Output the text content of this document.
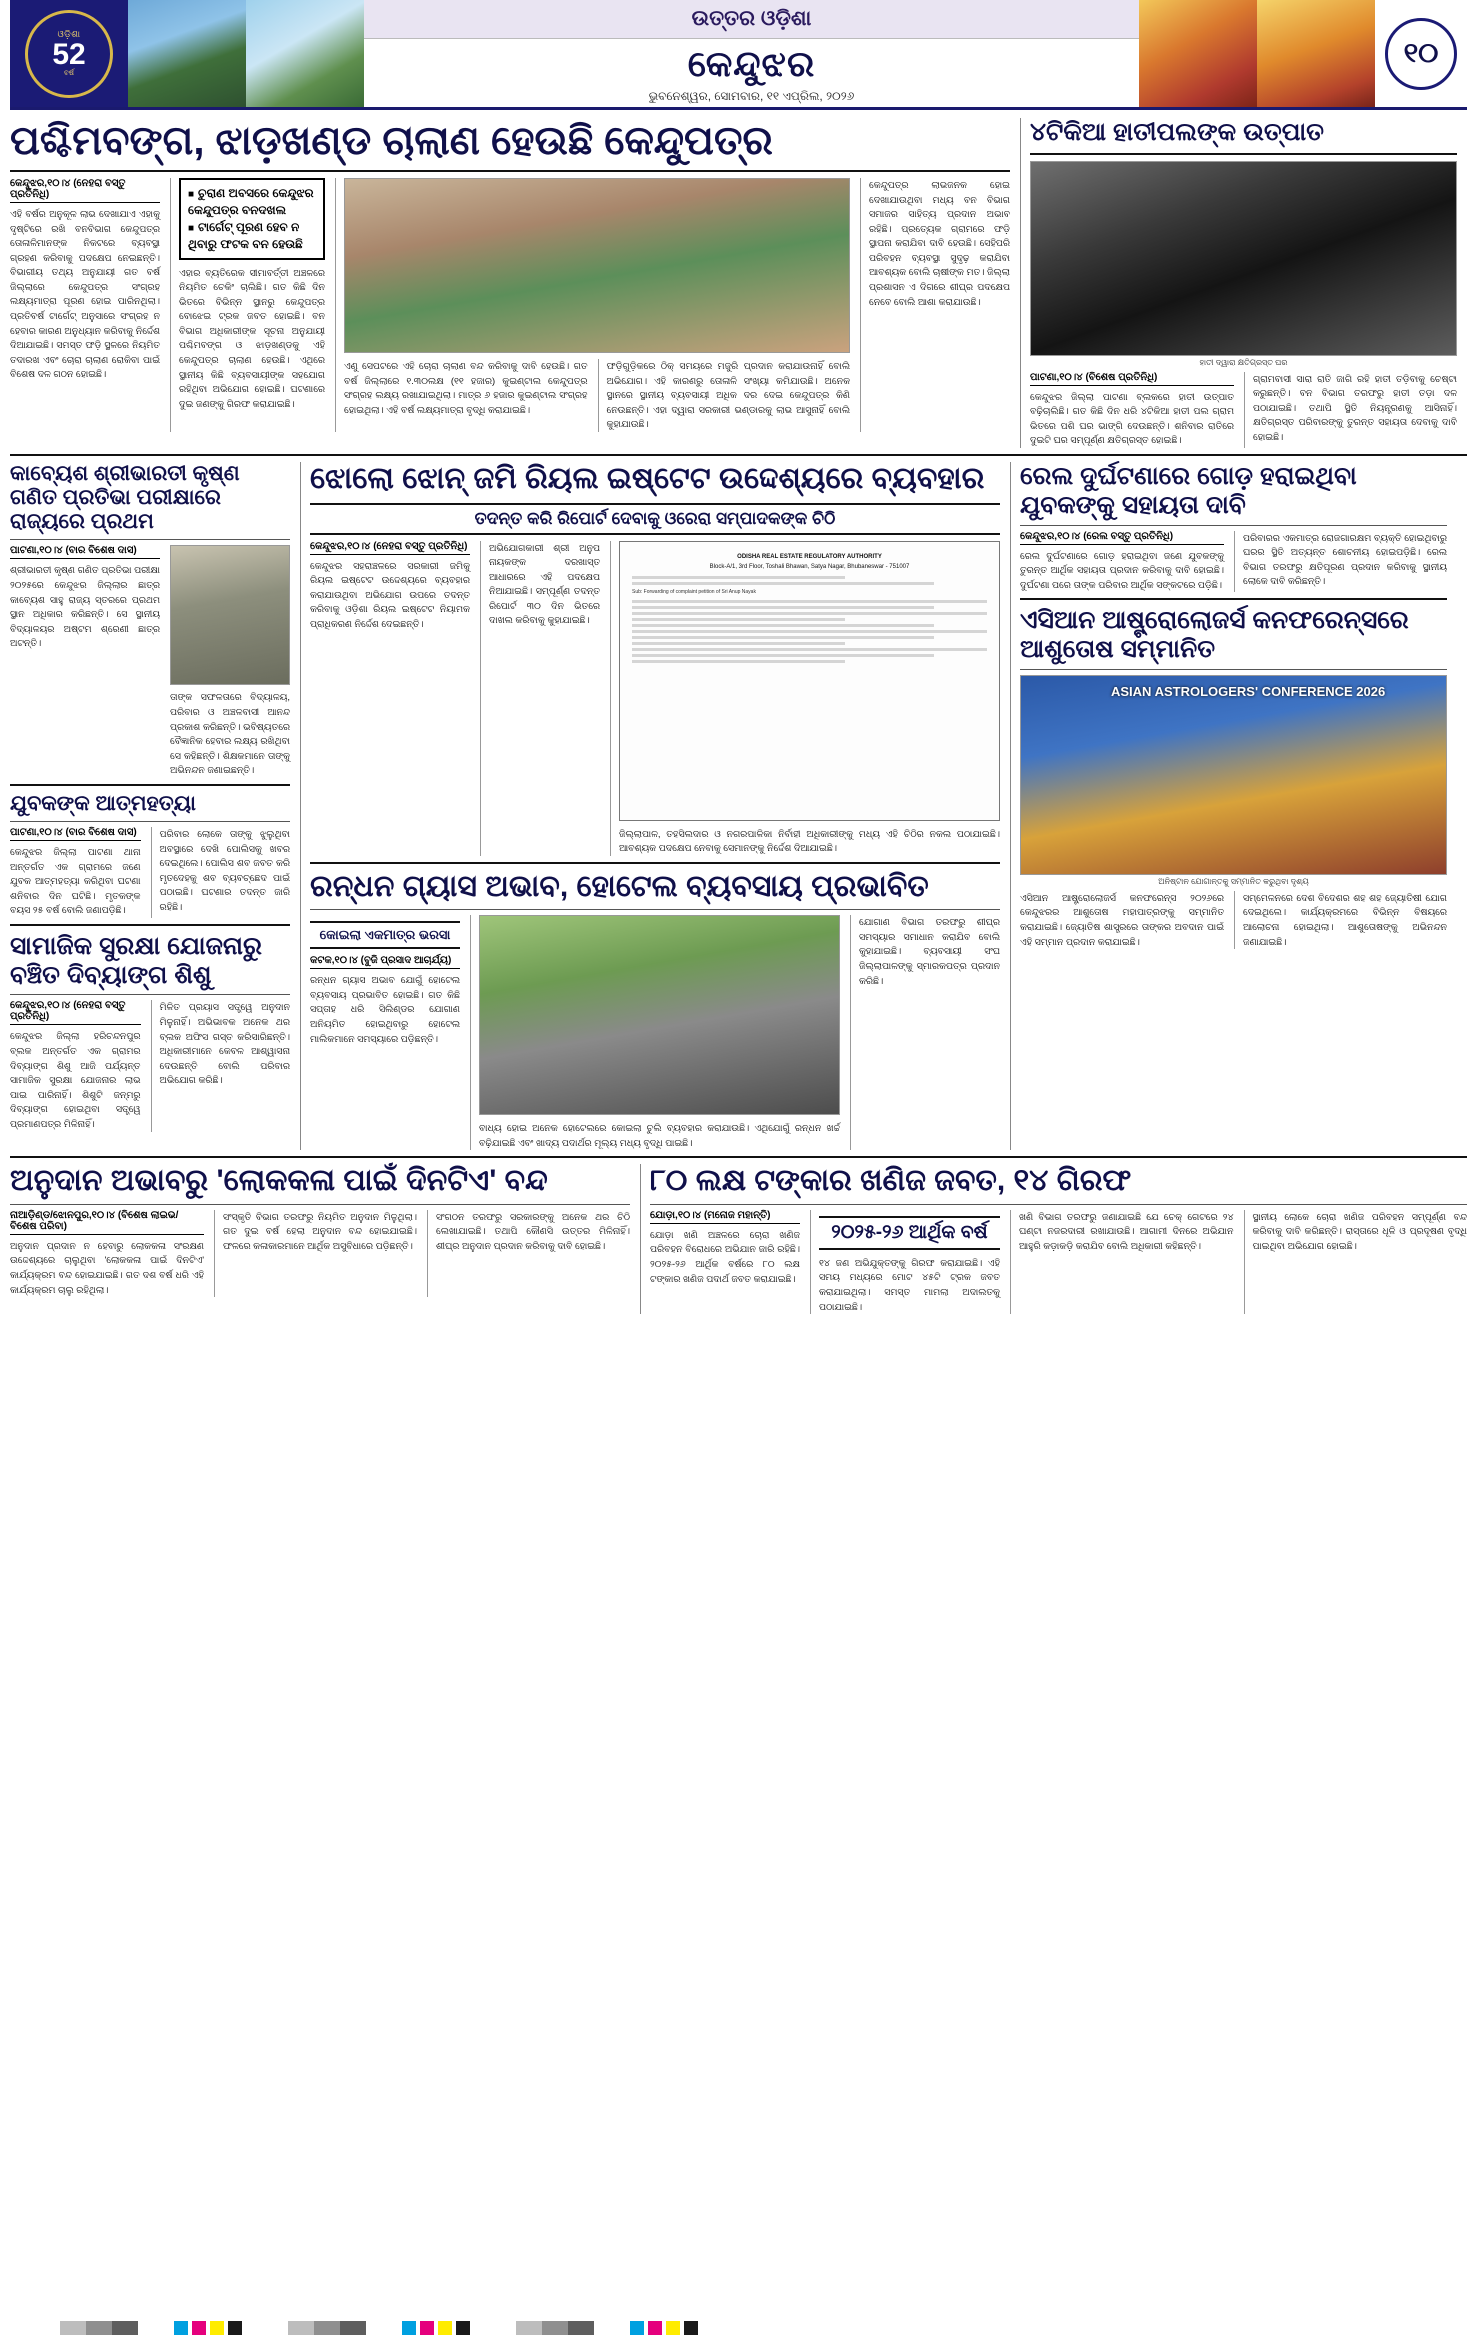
ଓଡ଼ିଶା
52
ବର୍ଷ
ଉତ୍ତର ଓଡ଼ିଶା
କେନ୍ଦୁଝର
ଭୁବନେଶ୍ୱର, ସୋମବାର, ୧୧ ଏପ୍ରିଲ, ୨୦୨୬
୧୦
ପଶ୍ଚିମବଙ୍ଗ, ଝାଡ଼ଖଣ୍ଡ ଚାଲାଣ ହେଉଛି କେନ୍ଦୁପତ୍ର
କେନ୍ଦୁଝର,୧୦।୪ (ନେହରା ବସ୍ତୁ ପ୍ରତିନିଧି)
ଏହି ବର୍ଷର ଅନୁକୂଳ ଲାଭ ଦେଖାଯାଏ ଏହାକୁ ଦୃଷ୍ଟିରେ ରଖି ବନବିଭାଗ କେନ୍ଦୁପତ୍ର ତୋଳାଳିମାନଙ୍କ ନିକଟରେ ବ୍ୟବସ୍ଥା ଗ୍ରହଣ କରିବାକୁ ପଦକ୍ଷେପ ନେଇଛନ୍ତି। ବିଭାଗୀୟ ତଥ୍ୟ ଅନୁଯାୟୀ ଗତ ବର୍ଷ ଜିଲ୍ଲାରେ କେନ୍ଦୁପତ୍ର ସଂଗ୍ରହ ଲକ୍ଷ୍ୟମାତ୍ରା ପୂରଣ ହୋଇ ପାରିନଥିଲା। ପ୍ରତିବର୍ଷ ଟାର୍ଗେଟ୍ ଅନୁସାରେ ସଂଗ୍ରହ ନ ହେବାର କାରଣ ଅନୁଧ୍ୟାନ କରିବାକୁ ନିର୍ଦ୍ଦେଶ ଦିଆଯାଇଛି। ସମସ୍ତ ଫଡ଼ି ସ୍ଥଳରେ ନିୟମିତ ତଦାରଖ ଏବଂ ଚୋରା ଚାଲାଣ ରୋକିବା ପାଇଁ ବିଶେଷ ଦଳ ଗଠନ ହୋଇଛି।
■ ଚୁରାଣ ଅବସରେ କେନ୍ଦୁଝର କେନ୍ଦୁପତ୍ର ବନଦଖଲ
■ ଟାର୍ଗେଟ୍ ପୂରଣ ହେବ ନ ଥିବାରୁ ଫଟକ ବନ ହେଉଛି
ଏହାର ବ୍ୟତିରେକ ସୀମାବର୍ତ୍ତୀ ଅଞ୍ଚଳରେ ନିୟମିତ ଚେକିଂ ଚାଲିଛି। ଗତ କିଛି ଦିନ ଭିତରେ ବିଭିନ୍ନ ସ୍ଥାନରୁ କେନ୍ଦୁପତ୍ର ବୋଝେଇ ଟ୍ରକ ଜବତ ହୋଇଛି। ବନ ବିଭାଗ ଅଧିକାରୀଙ୍କ ସୂଚନା ଅନୁଯାୟୀ ପଶ୍ଚିମବଙ୍ଗ ଓ ଝାଡ଼ଖଣ୍ଡକୁ ଏହି କେନ୍ଦୁପତ୍ର ଚାଲାଣ ହେଉଛି। ଏଥିରେ ସ୍ଥାନୀୟ କିଛି ବ୍ୟବସାୟୀଙ୍କ ସହଯୋଗ ରହିଥିବା ଅଭିଯୋଗ ହୋଇଛି। ଘଟଣାରେ ଦୁଇ ଜଣଙ୍କୁ ଗିରଫ କରାଯାଇଛି।
ଏଣୁ ସେପଟରେ ଏହି ଚୋରା ଚାଲାଣ ବନ୍ଦ କରିବାକୁ ଦାବି ହେଉଛି। ଗତ ବର୍ଷ ଜିଲ୍ଲାରେ ୧.୩୦ଲକ୍ଷ (୧୧ ହଜାର) କୁଇଣ୍ଟାଲ କେନ୍ଦୁପତ୍ର ସଂଗ୍ରହ ଲକ୍ଷ୍ୟ ରଖାଯାଇଥିଲା। ମାତ୍ର ୬ ହଜାର କୁଇଣ୍ଟାଲ ସଂଗ୍ରହ ହୋଇଥିଲା। ଏହି ବର୍ଷ ଲକ୍ଷ୍ୟମାତ୍ରା ବୃଦ୍ଧି କରାଯାଇଛି।
ଫଡ଼ିଗୁଡ଼ିକରେ ଠିକ୍ ସମୟରେ ମଜୁରି ପ୍ରଦାନ କରାଯାଉନାହିଁ ବୋଲି ଅଭିଯୋଗ। ଏହି କାରଣରୁ ତୋଳାଳି ସଂଖ୍ୟା କମିଯାଉଛି। ଅନେକ ସ୍ଥାନରେ ସ୍ଥାନୀୟ ବ୍ୟବସାୟୀ ଅଧିକ ଦର ଦେଇ କେନ୍ଦୁପତ୍ର କିଣି ନେଉଛନ୍ତି। ଏହା ଦ୍ୱାରା ସରକାରୀ ଭଣ୍ଡାରକୁ ଲାଭ ଆସୁନାହିଁ ବୋଲି କୁହାଯାଉଛି।
କେନ୍ଦୁପତ୍ର ଲାଭଜନକ ହୋଇ ଦେଖାଯାଉଥିବା ମଧ୍ୟ ବନ ବିଭାଗ ସମାଜର ସାହିତ୍ୟ ପ୍ରଦାନ ଅଭାବ ରହିଛି। ପ୍ରତ୍ୟେକ ଗ୍ରାମରେ ଫଡ଼ି ସ୍ଥାପନା କରାଯିବା ଦାବି ହେଉଛି। ସେହିପରି ପରିବହନ ବ୍ୟବସ୍ଥା ସୁଦୃଢ଼ କରାଯିବା ଆବଶ୍ୟକ ବୋଲି ଚାଷୀଙ୍କ ମତ। ଜିଲ୍ଲା ପ୍ରଶାସନ ଏ ଦିଗରେ ଶୀଘ୍ର ପଦକ୍ଷେପ ନେବେ ବୋଲି ଆଶା କରାଯାଉଛି।
୪ଟିକିଆ ହାତୀପଲଙ୍କ ଉତ୍ପାତ
ହାତୀ ଦ୍ୱାରା କ୍ଷତିଗ୍ରସ୍ତ ଘର
ପାଟଣା,୧୦।୪ (ବିଶେଷ ପ୍ରତିନିଧି)
କେନ୍ଦୁଝର ଜିଲ୍ଲା ପାଟଣା ବ୍ଲକରେ ହାତୀ ଉତ୍ପାତ ବଢ଼ିଚାଲିଛି। ଗତ କିଛି ଦିନ ଧରି ୪ଟିକିଆ ହାତୀ ପଲ ଗ୍ରାମ ଭିତରେ ପଶି ଘର ଭାଙ୍ଗି ଦେଉଛନ୍ତି। ଶନିବାର ରାତିରେ ଦୁଇଟି ଘର ସମ୍ପୂର୍ଣ୍ଣ କ୍ଷତିଗ୍ରସ୍ତ ହୋଇଛି।
ଗ୍ରାମବାସୀ ସାରା ରାତି ଜାଗି ରହି ହାତୀ ତଡ଼ିବାକୁ ଚେଷ୍ଟା କରୁଛନ୍ତି। ବନ ବିଭାଗ ତରଫରୁ ହାତୀ ତଡ଼ା ଦଳ ପଠାଯାଇଛି। ତଥାପି ସ୍ଥିତି ନିୟନ୍ତ୍ରଣକୁ ଆସିନାହିଁ। କ୍ଷତିଗ୍ରସ୍ତ ପରିବାରଙ୍କୁ ତୁରନ୍ତ ସହାୟତା ଦେବାକୁ ଦାବି ହୋଇଛି।
କାବ୍ୟେଶ ଶ୍ରୀଭାରତୀ କୃଷ୍ଣ ଗଣିତ ପ୍ରତିଭା ପରୀକ୍ଷାରେ ରାଜ୍ୟରେ ପ୍ରଥମ
ପାଟଣା,୧୦।୪ (ବାର ବିଶେଷ ଦାସ)
ଶ୍ରୀଭାରତୀ କୃଷ୍ଣ ଗଣିତ ପ୍ରତିଭା ପରୀକ୍ଷା ୨୦୨୫ରେ କେନ୍ଦୁଝର ଜିଲ୍ଲାର ଛାତ୍ର କାବ୍ୟେଶ ସାହୁ ରାଜ୍ୟ ସ୍ତରରେ ପ୍ରଥମ ସ୍ଥାନ ଅଧିକାର କରିଛନ୍ତି। ସେ ସ୍ଥାନୀୟ ବିଦ୍ୟାଳୟର ଅଷ୍ଟମ ଶ୍ରେଣୀ ଛାତ୍ର ଅଟନ୍ତି।
ତାଙ୍କ ସଫଳତାରେ ବିଦ୍ୟାଳୟ, ପରିବାର ଓ ଅଞ୍ଚଳବାସୀ ଆନନ୍ଦ ପ୍ରକାଶ କରିଛନ୍ତି। ଭବିଷ୍ୟତରେ ବୈଜ୍ଞାନିକ ହେବାର ଲକ୍ଷ୍ୟ ରଖିଥିବା ସେ କହିଛନ୍ତି। ଶିକ୍ଷକମାନେ ତାଙ୍କୁ ଅଭିନନ୍ଦନ ଜଣାଇଛନ୍ତି।
ଯୁବକଙ୍କ ଆତ୍ମହତ୍ୟା
ପାଟଣା,୧୦।୪ (ବାର ବିଶେଷ ଦାସ)
କେନ୍ଦୁଝର ଜିଲ୍ଲା ପାଟଣା ଥାନା ଅନ୍ତର୍ଗତ ଏକ ଗ୍ରାମରେ ଜଣେ ଯୁବକ ଆତ୍ମହତ୍ୟା କରିଥିବା ଘଟଣା ଶନିବାର ଦିନ ଘଟିଛି। ମୃତକଙ୍କ ବୟସ ୨୫ ବର୍ଷ ବୋଲି ଜଣାପଡ଼ିଛି।
ପରିବାର ଲୋକେ ତାଙ୍କୁ ଝୁଲୁଥିବା ଅବସ୍ଥାରେ ଦେଖି ପୋଲିସକୁ ଖବର ଦେଇଥିଲେ। ପୋଲିସ ଶବ ଜବତ କରି ମୃତଦେହକୁ ଶବ ବ୍ୟବଚ୍ଛେଦ ପାଇଁ ପଠାଇଛି। ଘଟଣାର ତଦନ୍ତ ଜାରି ରହିଛି।
ସାମାଜିକ ସୁରକ୍ଷା ଯୋଜନାରୁ ବଞ୍ଚିତ ଦିବ୍ୟାଙ୍ଗ ଶିଶୁ
କେନ୍ଦୁଝର,୧୦।୪ (ନେହରା ବସ୍ତୁ ପ୍ରତିନିଧି)
କେନ୍ଦୁଝର ଜିଲ୍ଲା ହରିଚନ୍ଦନପୁର ବ୍ଲକ ଅନ୍ତର୍ଗତ ଏକ ଗ୍ରାମର ଦିବ୍ୟାଙ୍ଗ ଶିଶୁ ଆଜି ପର୍ଯ୍ୟନ୍ତ ସାମାଜିକ ସୁରକ୍ଷା ଯୋଜନାର ଲାଭ ପାଇ ପାରିନାହିଁ। ଶିଶୁଟି ଜନ୍ମରୁ ଦିବ୍ୟାଙ୍ଗ ହୋଇଥିବା ସତ୍ତ୍ୱେ ପ୍ରମାଣପତ୍ର ମିଳିନାହିଁ।
ମିଳିତ ପ୍ରୟାସ ସତ୍ତ୍ୱେ ଅନୁଦାନ ମିଳୁନାହିଁ। ଅଭିଭାବକ ଅନେକ ଥର ବ୍ଲକ ଅଫିସ ଗସ୍ତ କରିସାରିଛନ୍ତି। ଅଧିକାରୀମାନେ କେବଳ ଆଶ୍ୱାସନା ଦେଉଛନ୍ତି ବୋଲି ପରିବାର ଅଭିଯୋଗ କରିଛି।
ଝୋଲୋ ଝୋନ୍ ଜମି ରିୟଲ ଇଷ୍ଟେଟ ଉଦ୍ଦେଶ୍ୟରେ ବ୍ୟବହାର
ତଦନ୍ତ କରି ରିପୋର୍ଟ ଦେବାକୁ ଓରେରା ସମ୍ପାଦକଙ୍କ ଚିଠି
କେନ୍ଦୁଝର,୧୦।୪ (ନେହରା ବସ୍ତୁ ପ୍ରତିନିଧି)
କେନ୍ଦୁଝର ସହରାଞ୍ଚଳରେ ସରକାରୀ ଜମିକୁ ରିୟଲ ଇଷ୍ଟେଟ ଉଦ୍ଦେଶ୍ୟରେ ବ୍ୟବହାର କରାଯାଉଥିବା ଅଭିଯୋଗ ଉପରେ ତଦନ୍ତ କରିବାକୁ ଓଡ଼ିଶା ରିୟଲ ଇଷ୍ଟେଟ ନିୟାମକ ପ୍ରାଧିକରଣ ନିର୍ଦ୍ଦେଶ ଦେଇଛନ୍ତି।
ଅଭିଯୋଗକାରୀ ଶ୍ରୀ ଅନୁପ ନାୟକଙ୍କ ଦରଖାସ୍ତ ଆଧାରରେ ଏହି ପଦକ୍ଷେପ ନିଆଯାଇଛି। ସମ୍ପୂର୍ଣ୍ଣ ତଦନ୍ତ ରିପୋର୍ଟ ୩୦ ଦିନ ଭିତରେ ଦାଖଲ କରିବାକୁ କୁହାଯାଇଛି।
ODISHA REAL ESTATE REGULATORY AUTHORITY
Block-A/1, 3rd Floor, Toshali Bhawan, Satya Nagar, Bhubaneswar - 751007
Sub: Forwarding of complaint petition of Sri Anup Nayak
ଜିଲ୍ଲାପାଳ, ତହସିଲଦାର ଓ ନଗରପାଳିକା ନିର୍ବାହୀ ଅଧିକାରୀଙ୍କୁ ମଧ୍ୟ ଏହି ଚିଠିର ନକଲ ପଠାଯାଇଛି। ଆବଶ୍ୟକ ପଦକ୍ଷେପ ନେବାକୁ ସେମାନଙ୍କୁ ନିର୍ଦ୍ଦେଶ ଦିଆଯାଇଛି।
ରନ୍ଧନ ଗ୍ୟାସ ଅଭାବ, ହୋଟେଲ ବ୍ୟବସାୟ ପ୍ରଭାବିତ
କୋଇଲା ଏକମାତ୍ର ଭରସା
କଟକ,୧୦।୪ (ବୁଜି ପ୍ରସାଦ ଆଚାର୍ଯ୍ୟ)
ରନ୍ଧନ ଗ୍ୟାସ ଅଭାବ ଯୋଗୁଁ ହୋଟେଲ ବ୍ୟବସାୟ ପ୍ରଭାବିତ ହୋଇଛି। ଗତ କିଛି ସପ୍ତାହ ଧରି ସିଲିଣ୍ଡର ଯୋଗାଣ ଅନିୟମିତ ହୋଇଥିବାରୁ ହୋଟେଲ ମାଲିକମାନେ ସମସ୍ୟାରେ ପଡ଼ିଛନ୍ତି।
ବାଧ୍ୟ ହୋଇ ଅନେକ ହୋଟେଲରେ କୋଇଲା ଚୁଲି ବ୍ୟବହାର କରାଯାଉଛି। ଏଥିଯୋଗୁଁ ରନ୍ଧନ ଖର୍ଚ୍ଚ ବଢ଼ିଯାଇଛି ଏବଂ ଖାଦ୍ୟ ପଦାର୍ଥର ମୂଲ୍ୟ ମଧ୍ୟ ବୃଦ୍ଧି ପାଇଛି।
ଯୋଗାଣ ବିଭାଗ ତରଫରୁ ଶୀଘ୍ର ସମସ୍ୟାର ସମାଧାନ କରାଯିବ ବୋଲି କୁହାଯାଇଛି। ବ୍ୟବସାୟୀ ସଂଘ ଜିଲ୍ଲାପାଳଙ୍କୁ ସ୍ମାରକପତ୍ର ପ୍ରଦାନ କରିଛି।
ରେଲ ଦୁର୍ଘଟଣାରେ ଗୋଡ଼ ହରାଇଥିବା ଯୁବକଙ୍କୁ ସହାୟତା ଦାବି
କେନ୍ଦୁଝର,୧୦।୪ (ରେଲ ବସ୍ତୁ ପ୍ରତିନିଧି)
ରେଲ ଦୁର୍ଘଟଣାରେ ଗୋଡ଼ ହରାଇଥିବା ଜଣେ ଯୁବକଙ୍କୁ ତୁରନ୍ତ ଆର୍ଥିକ ସହାୟତା ପ୍ରଦାନ କରିବାକୁ ଦାବି ହୋଇଛି। ଦୁର୍ଘଟଣା ପରେ ତାଙ୍କ ପରିବାର ଆର୍ଥିକ ସଙ୍କଟରେ ପଡ଼ିଛି।
ପରିବାରର ଏକମାତ୍ର ରୋଜଗାରକ୍ଷମ ବ୍ୟକ୍ତି ହୋଇଥିବାରୁ ଘରର ସ୍ଥିତି ଅତ୍ୟନ୍ତ ଶୋଚନୀୟ ହୋଇପଡ଼ିଛି। ରେଲ ବିଭାଗ ତରଫରୁ କ୍ଷତିପୂରଣ ପ୍ରଦାନ କରିବାକୁ ସ୍ଥାନୀୟ ଲୋକେ ଦାବି କରିଛନ୍ତି।
ଏସିଆନ ଆଷ୍ଟ୍ରୋଲୋଜର୍ସ କନଫରେନ୍ସରେ ଆଶୁତୋଷ ସମ୍ମାନିତ
ASIAN ASTROLOGERS' CONFERENCE 2026
ଅନିଷ୍ଟାନ ଯୋଗାନ୍ତକୁ ସମ୍ମାନିତ କରୁଥିବା ଦୃଶ୍ୟ
ଏସିଆନ ଆଷ୍ଟ୍ରୋଲୋଜର୍ସ କନଫରେନ୍ସ ୨୦୨୬ରେ କେନ୍ଦୁଝରର ଆଶୁତୋଷ ମହାପାତ୍ରଙ୍କୁ ସମ୍ମାନିତ କରାଯାଇଛି। ଜ୍ୟୋତିଷ ଶାସ୍ତ୍ରରେ ତାଙ୍କର ଅବଦାନ ପାଇଁ ଏହି ସମ୍ମାନ ପ୍ରଦାନ କରାଯାଇଛି।
ସମ୍ମେଳନରେ ଦେଶ ବିଦେଶର ଶହ ଶହ ଜ୍ୟୋତିଷୀ ଯୋଗ ଦେଇଥିଲେ। କାର୍ଯ୍ୟକ୍ରମରେ ବିଭିନ୍ନ ବିଷୟରେ ଆଲୋଚନା ହୋଇଥିଲା। ଆଶୁତୋଷଙ୍କୁ ଅଭିନନ୍ଦନ ଜଣାଯାଇଛି।
ଅନୁଦାନ ଅଭାବରୁ 'ଲୋକକଳା ପାଇଁ ଦିନଟିଏ' ବନ୍ଦ
ନାଆଡ଼ିଣ୍ଡ/ଝୋନପୁର,୧୦।୪ (ବିଶେଷ ଲାଇଭ/ ବିଶେଷ ପରିବା)
ଅନୁଦାନ ପ୍ରଦାନ ନ ହେବାରୁ ଲୋକକଳା ସଂରକ୍ଷଣ ଉଦ୍ଦେଶ୍ୟରେ ଚାଲୁଥିବା 'ଲୋକକଳା ପାଇଁ ଦିନଟିଏ' କାର୍ଯ୍ୟକ୍ରମ ବନ୍ଦ ହୋଇଯାଇଛି। ଗତ ଦଶ ବର୍ଷ ଧରି ଏହି କାର୍ଯ୍ୟକ୍ରମ ଚାଲୁ ରହିଥିଲା।
ସଂସ୍କୃତି ବିଭାଗ ତରଫରୁ ନିୟମିତ ଅନୁଦାନ ମିଳୁଥିଲା। ଗତ ଦୁଇ ବର୍ଷ ହେଲା ଅନୁଦାନ ବନ୍ଦ ହୋଇଯାଇଛି। ଫଳରେ କଳାକାରମାନେ ଆର୍ଥିକ ଅସୁବିଧାରେ ପଡ଼ିଛନ୍ତି।
ସଂଗଠନ ତରଫରୁ ସରକାରଙ୍କୁ ଅନେକ ଥର ଚିଠି ଲେଖାଯାଇଛି। ତଥାପି କୌଣସି ଉତ୍ତର ମିଳିନାହିଁ। ଶୀଘ୍ର ଅନୁଦାନ ପ୍ରଦାନ କରିବାକୁ ଦାବି ହୋଇଛି।
୮୦ ଲକ୍ଷ ଟଙ୍କାର ଖଣିଜ ଜବତ, ୧୪ ଗିରଫ
ଯୋଡ଼ା,୧୦।୪ (ମନୋଜ ମହାନ୍ତି)
ଯୋଡ଼ା ଖଣି ଅଞ୍ଚଳରେ ଚୋରା ଖଣିଜ ପରିବହନ ବିରୋଧରେ ଅଭିଯାନ ଜାରି ରହିଛି। ୨୦୨୫-୨୬ ଆର୍ଥିକ ବର୍ଷରେ ୮୦ ଲକ୍ଷ ଟଙ୍କାର ଖଣିଜ ପଦାର୍ଥ ଜବତ କରାଯାଇଛି।
୨୦୨୫-୨୬ ଆର୍ଥିକ ବର୍ଷ
୧୪ ଜଣ ଅଭିଯୁକ୍ତଙ୍କୁ ଗିରଫ କରାଯାଇଛି। ଏହି ସମୟ ମଧ୍ୟରେ ମୋଟ ୪୫ଟି ଟ୍ରକ ଜବତ କରାଯାଇଥିଲା। ସମସ୍ତ ମାମଲା ଅଦାଲତକୁ ପଠାଯାଇଛି।
ଖଣି ବିଭାଗ ତରଫରୁ ଜଣାଯାଇଛି ଯେ ଚେକ୍ ଗେଟରେ ୨୪ ଘଣ୍ଟା ନଜରଦାରୀ ରଖାଯାଉଛି। ଆଗାମୀ ଦିନରେ ଅଭିଯାନ ଆହୁରି କଡ଼ାକଡ଼ି କରାଯିବ ବୋଲି ଅଧିକାରୀ କହିଛନ୍ତି।
ସ୍ଥାନୀୟ ଲୋକେ ଚୋରା ଖଣିଜ ପରିବହନ ସମ୍ପୂର୍ଣ୍ଣ ବନ୍ଦ କରିବାକୁ ଦାବି କରିଛନ୍ତି। ରାସ୍ତାରେ ଧୂଳି ଓ ପ୍ରଦୂଷଣ ବୃଦ୍ଧି ପାଇଥିବା ଅଭିଯୋଗ ହୋଇଛି।
